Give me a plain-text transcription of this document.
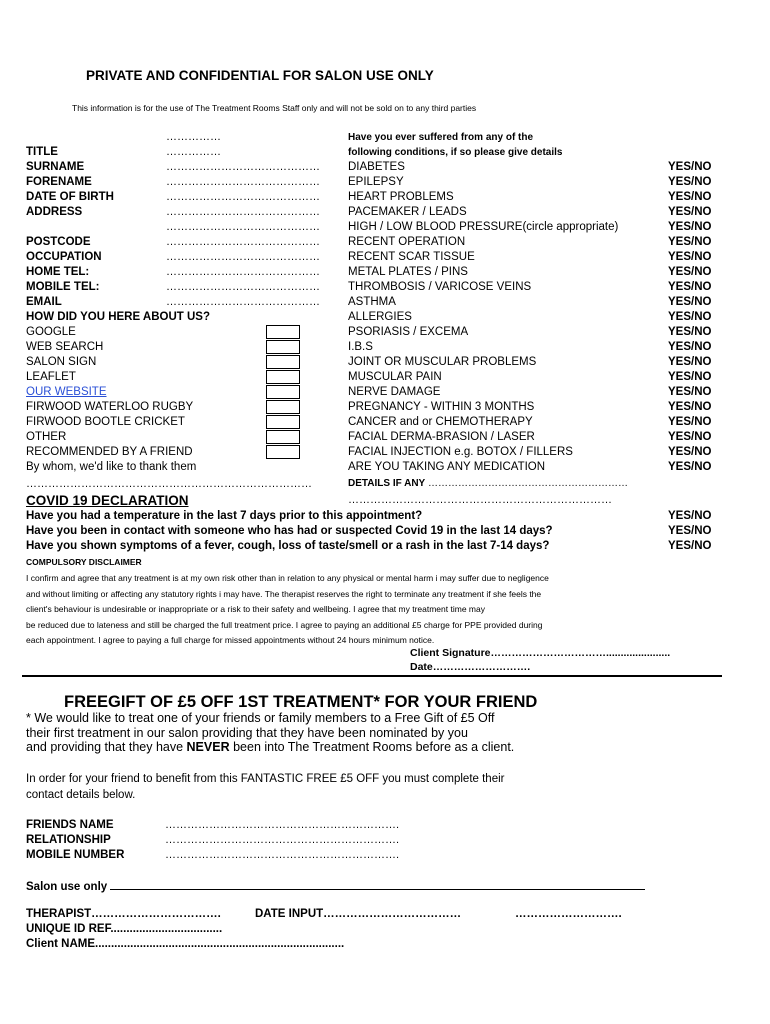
PRIVATE AND CONFIDENTIAL FOR SALON USE ONLY
This information is for the use of The Treatment Rooms Staff only and will not be sold on to any third parties
……………
TITLE	……………
SURNAME	……………………………………
FORENAME	……………………………………
DATE OF BIRTH	……………………………………
ADDRESS	……………………………………
……………………………………
POSTCODE	……………………………………
OCCUPATION	……………………………………
HOME TEL:	……………………………………
MOBILE TEL:	……………………………………
EMAIL	……………………………………
HOW DID YOU HERE ABOUT US?
GOOGLE
WEB SEARCH
SALON SIGN
LEAFLET
OUR WEBSITE
FIRWOOD WATERLOO RUGBY
FIRWOOD BOOTLE CRICKET
OTHER
RECOMMENDED BY A FRIEND
By whom, we'd like to thank them
……………………………………………………………………
Have you ever suffered from any of the
following conditions, if so please give details
DIABETES	YES/NO
EPILEPSY	YES/NO
HEART PROBLEMS	YES/NO
PACEMAKER / LEADS	YES/NO
HIGH / LOW BLOOD PRESSURE(circle appropriate)	YES/NO
RECENT OPERATION	YES/NO
RECENT SCAR TISSUE	YES/NO
METAL PLATES / PINS	YES/NO
THROMBOSIS / VARICOSE VEINS	YES/NO
ASTHMA	YES/NO
ALLERGIES	YES/NO
PSORIASIS / EXCEMA	YES/NO
I.B.S	YES/NO
JOINT OR MUSCULAR PROBLEMS	YES/NO
MUSCULAR PAIN	YES/NO
NERVE DAMAGE	YES/NO
PREGNANCY - WITHIN 3 MONTHS	YES/NO
CANCER and or CHEMOTHERAPY	YES/NO
FACIAL DERMA-BRASION / LASER	YES/NO
FACIAL INJECTION e.g. BOTOX / FILLERS	YES/NO
ARE YOU TAKING ANY MEDICATION	YES/NO
DETAILS IF ANY ……………………………………………………
………………………………………………………………
COVID 19 DECLARATION
Have you had a temperature in the last 7 days prior to this appointment?	YES/NO
Have you been in contact with someone who has had or suspected Covid 19 in the last 14 days?	YES/NO
Have you shown symptoms of a fever, cough, loss of taste/smell or a rash in the last 7-14 days?	YES/NO
COMPULSORY DISCLAIMER
I confirm and agree that any treatment is at my own risk other than in relation to any physical or mental harm i may suffer due to negligence
and without limiting or affecting any statutory rights i may have. The therapist reserves the right to terminate any treatment if she feels the
client's behaviour is undesirable or inappropriate or a risk to their safety and wellbeing. I agree that my treatment time may
be reduced due to lateness and still be charged the full treatment price. I agree to paying an additional £5 charge for PPE provided during
each appointment. I agree to paying a full charge for missed appointments without 24 hours minimum notice.
Client Signature……………………………......................
Date……………………….
FREEGIFT OF £5 OFF 1ST TREATMENT* FOR YOUR FRIEND
* We would like to treat one of your friends or family members to a Free Gift of £5 Off
their first treatment in our salon providing that they have been nominated by you
and providing that they have NEVER been into The Treatment Rooms before as a client.
In order for your friend to benefit from this FANTASTIC FREE £5 OFF you must complete their
contact details below.
FRIENDS NAME	……………………………………………………….
RELATIONSHIP	……………………………………………………….
MOBILE NUMBER	……………………………………………………….
Salon use only
THERAPIST…………………………….	DATE INPUT………………………………	……………………….
UNIQUE ID REF...................................
Client NAME..............................................................................
